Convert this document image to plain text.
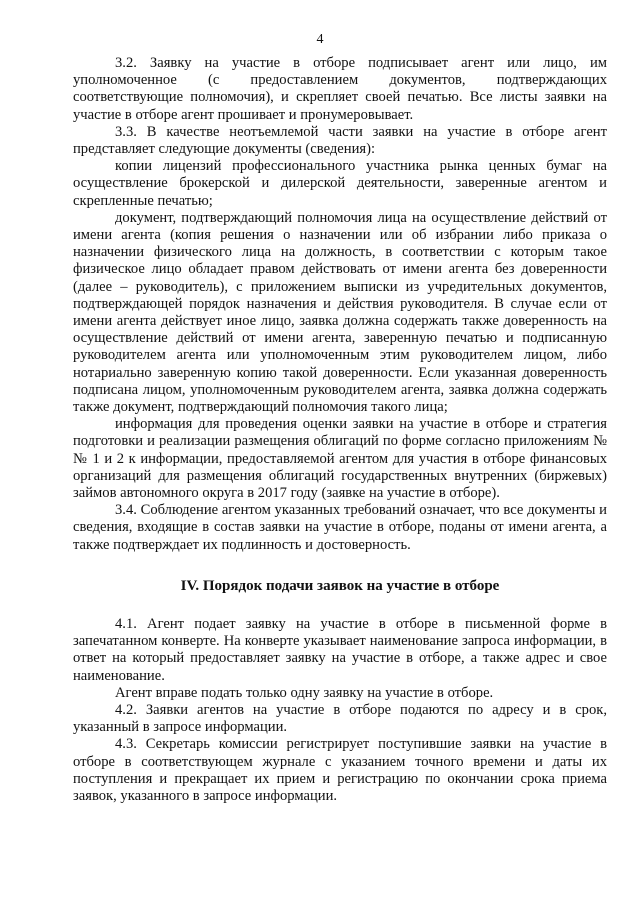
4

3.2. Заявку на участие в отборе подписывает агент или лицо, им уполномоченное (с предоставлением документов, подтверждающих соответствующие полномочия), и скрепляет своей печатью. Все листы заявки на участие в отборе агент прошивает и пронумеровывает.

3.3. В качестве неотъемлемой части заявки на участие в отборе агент представляет следующие документы (сведения):

копии лицензий профессионального участника рынка ценных бумаг на осуществление брокерской и дилерской деятельности, заверенные агентом и скрепленные печатью;

документ, подтверждающий полномочия лица на осуществление действий от имени агента (копия решения о назначении или об избрании либо приказа о назначении физического лица на должность, в соответствии с которым такое физическое лицо обладает правом действовать от имени агента без доверенности (далее – руководитель), с приложением выписки из учредительных документов, подтверждающей порядок назначения и действия руководителя. В случае если от имени агента действует иное лицо, заявка должна содержать также доверенность на осуществление действий от имени агента, заверенную печатью и подписанную руководителем агента или уполномоченным этим руководителем лицом, либо нотариально заверенную копию такой доверенности. Если указанная доверенность подписана лицом, уполномоченным руководителем агента, заявка должна содержать также документ, подтверждающий полномочия такого лица;

информация для проведения оценки заявки на участие в отборе и стратегия подготовки и реализации размещения облигаций по форме согласно приложениям №№ 1 и 2 к информации, предоставляемой агентом для участия в отборе финансовых организаций для размещения облигаций государственных внутренних (биржевых) займов автономного округа в 2017 году (заявке на участие в отборе).

3.4. Соблюдение агентом указанных требований означает, что все документы и сведения, входящие в состав заявки на участие в отборе, поданы от имени агента, а также подтверждает их подлинность и достоверность.

IV. Порядок подачи заявок на участие в отборе

4.1. Агент подает заявку на участие в отборе в письменной форме в запечатанном конверте. На конверте указывает наименование запроса информации, в ответ на который предоставляет заявку на участие в отборе, а также адрес и свое наименование.

Агент вправе подать только одну заявку на участие в отборе.

4.2. Заявки агентов на участие в отборе подаются по адресу и в срок, указанный в запросе информации.

4.3. Секретарь комиссии регистрирует поступившие заявки на участие в отборе в соответствующем журнале с указанием точного времени и даты их поступления и прекращает их прием и регистрацию по окончании срока приема заявок, указанного в запросе информации.
